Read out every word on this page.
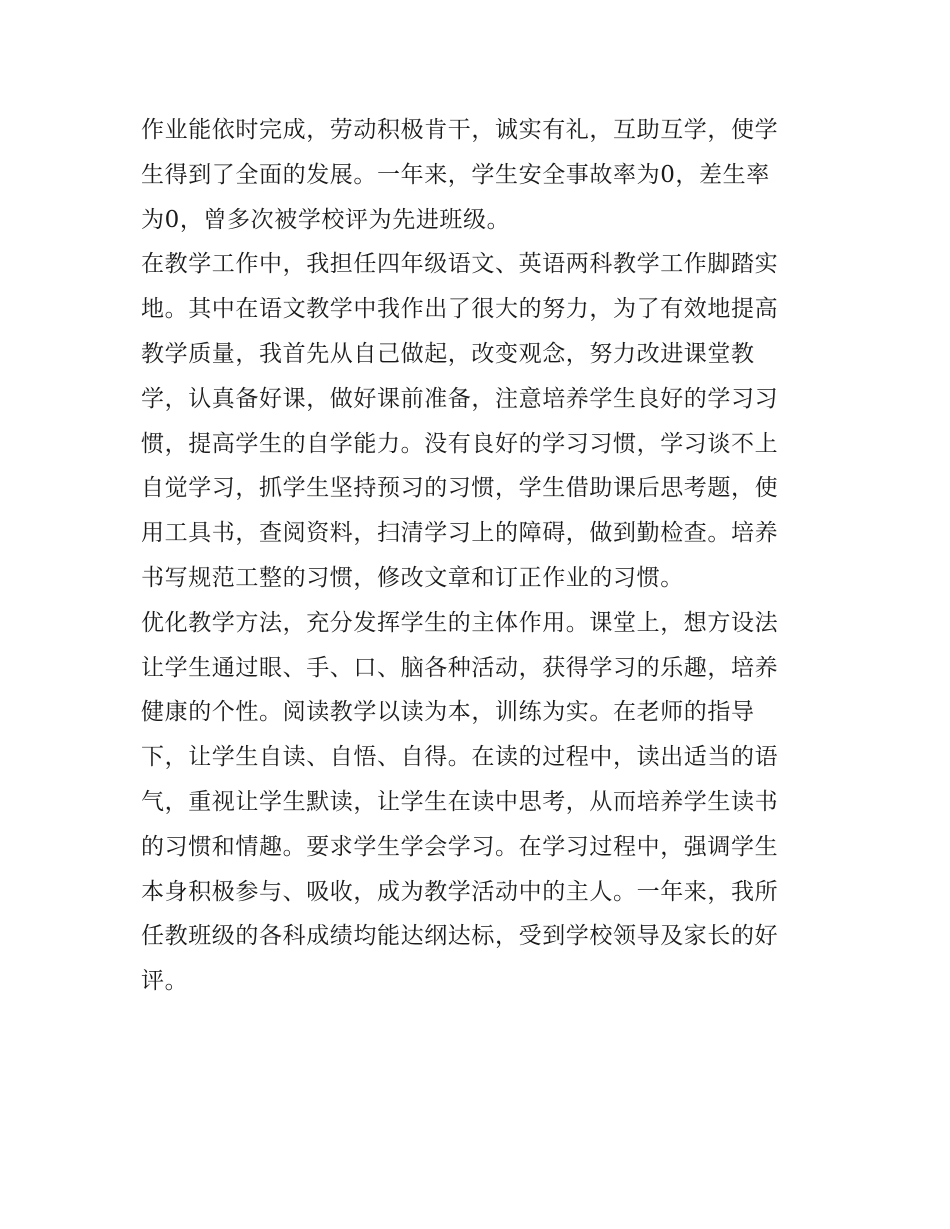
作业能依时完成，劳动积极肯干，诚实有礼，互助互学，使学
生得到了全面的发展。一年来，学生安全事故率为0，差生率
为0，曾多次被学校评为先进班级。
在教学工作中，我担任四年级语文、英语两科教学工作脚踏实
地。其中在语文教学中我作出了很大的努力，为了有效地提高
教学质量，我首先从自己做起，改变观念，努力改进课堂教
学，认真备好课，做好课前准备，注意培养学生良好的学习习
惯，提高学生的自学能力。没有良好的学习习惯，学习谈不上
自觉学习，抓学生坚持预习的习惯，学生借助课后思考题，使
用工具书，查阅资料，扫清学习上的障碍，做到勤检查。培养
书写规范工整的习惯，修改文章和订正作业的习惯。
优化教学方法，充分发挥学生的主体作用。课堂上，想方设法
让学生通过眼、手、口、脑各种活动，获得学习的乐趣，培养
健康的个性。阅读教学以读为本，训练为实。在老师的指导
下，让学生自读、自悟、自得。在读的过程中，读出适当的语
气，重视让学生默读，让学生在读中思考，从而培养学生读书
的习惯和情趣。要求学生学会学习。在学习过程中，强调学生
本身积极参与、吸收，成为教学活动中的主人。一年来，我所
任教班级的各科成绩均能达纲达标，受到学校领导及家长的好
评。
